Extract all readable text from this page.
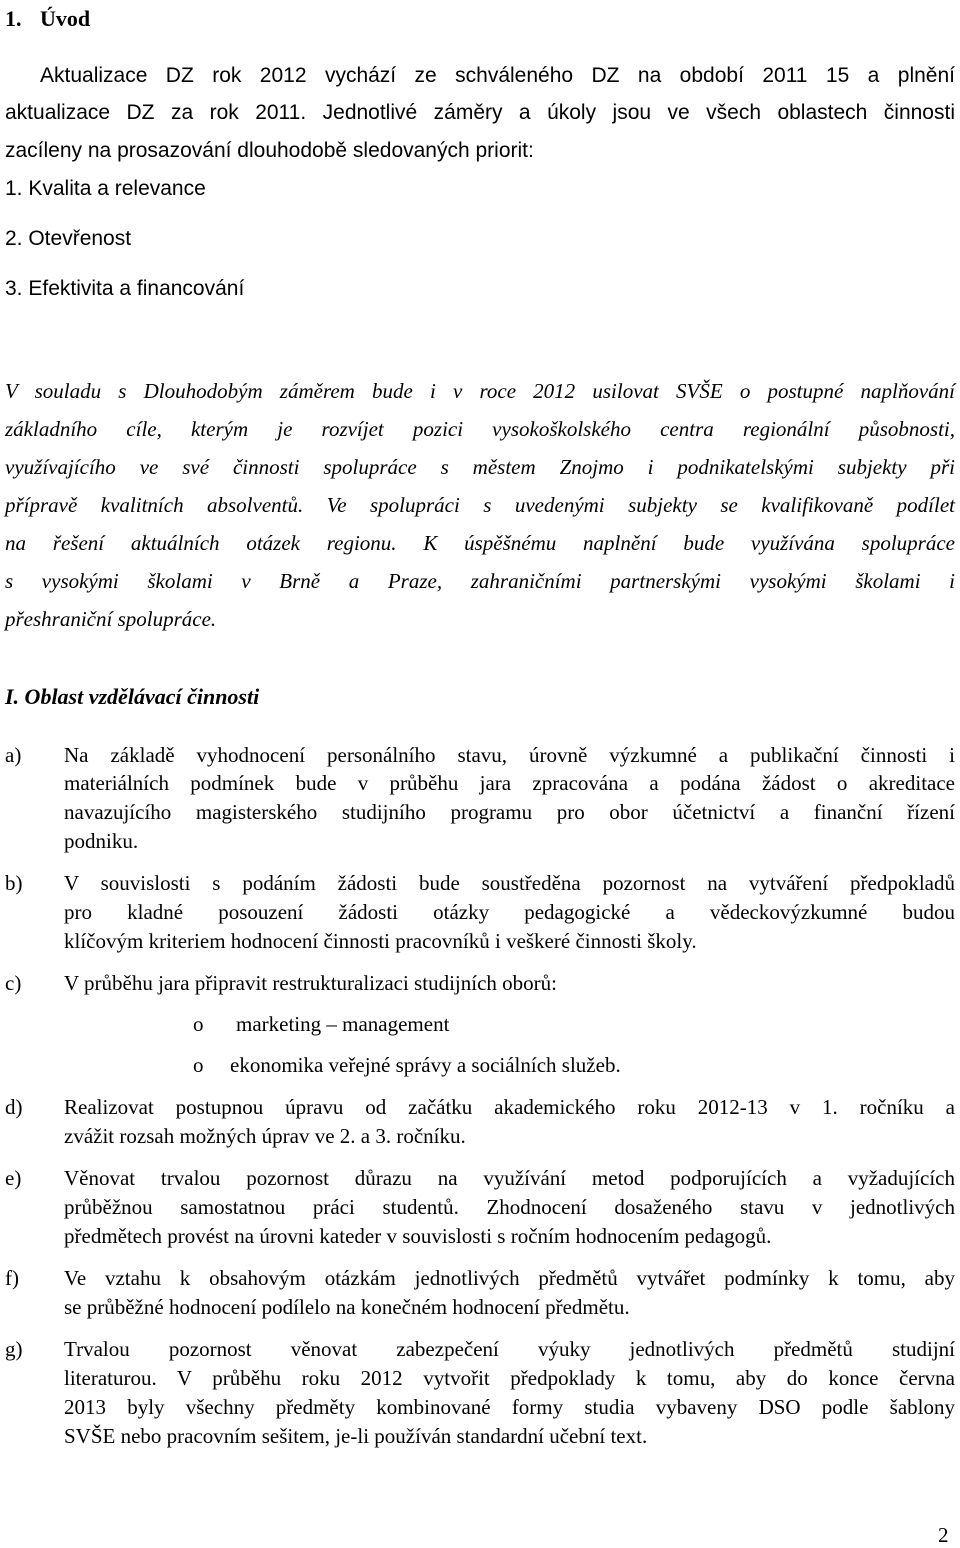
1. Úvod
Aktualizace DZ rok 2012 vychází ze schváleného DZ na období 2011 15 a plnění
aktualizace DZ za rok 2011. Jednotlivé záměry a úkoly jsou ve všech oblastech činnosti
zacíleny na prosazování dlouhodobě sledovaných priorit:
1. Kvalita a relevance
2. Otevřenost
3. Efektivita a financování
V souladu s Dlouhodobým záměrem bude i v roce 2012 usilovat SVŠE o postupné naplňování
základního cíle, kterým je rozvíjet pozici vysokoškolského centra regionální působnosti,
využívajícího ve své činnosti spolupráce s městem Znojmo i podnikatelskými subjekty při
přípravě kvalitních absolventů. Ve spolupráci s uvedenými subjekty se kvalifikovaně podílet
na řešení aktuálních otázek regionu. K úspěšnému naplnění bude využívána spolupráce
s vysokými školami v Brně a Praze, zahraničními partnerskými vysokými školami i
přeshraniční spolupráce.
I. Oblast vzdělávací činnosti
a) Na základě vyhodnocení personálního stavu, úrovně výzkumné a publikační činnosti i
materiálních podmínek bude v průběhu jara zpracována a podána žádost o akreditace
navazujícího magisterského studijního programu pro obor účetnictví a finanční řízení
podniku.
b) V souvislosti s podáním žádosti bude soustředěna pozornost na vytváření předpokladů
pro kladné posouzení žádosti otázky pedagogické a vědeckovýzkumné budou
klíčovým kriteriem hodnocení činnosti pracovníků i veškeré činnosti školy.
c) V průběhu jara připravit restrukturalizaci studijních oborů:
o marketing – management
o ekonomika veřejné správy a sociálních služeb.
d) Realizovat postupnou úpravu od začátku akademického roku 2012-13 v 1. ročníku a
zvážit rozsah možných úprav ve 2. a 3. ročníku.
e) Věnovat trvalou pozornost důrazu na využívání metod podporujících a vyžadujících
průběžnou samostatnou práci studentů. Zhodnocení dosaženého stavu v jednotlivých
předmětech provést na úrovni kateder v souvislosti s ročním hodnocením pedagogů.
f) Ve vztahu k obsahovým otázkám jednotlivých předmětů vytvářet podmínky k tomu, aby
se průběžné hodnocení podílelo na konečném hodnocení předmětu.
g) Trvalou pozornost věnovat zabezpečení výuky jednotlivých předmětů studijní
literaturou. V průběhu roku 2012 vytvořit předpoklady k tomu, aby do konce června
2013 byly všechny předměty kombinované formy studia vybaveny DSO podle šablony
SVŠE nebo pracovním sešitem, je-li používán standardní učební text.
2
